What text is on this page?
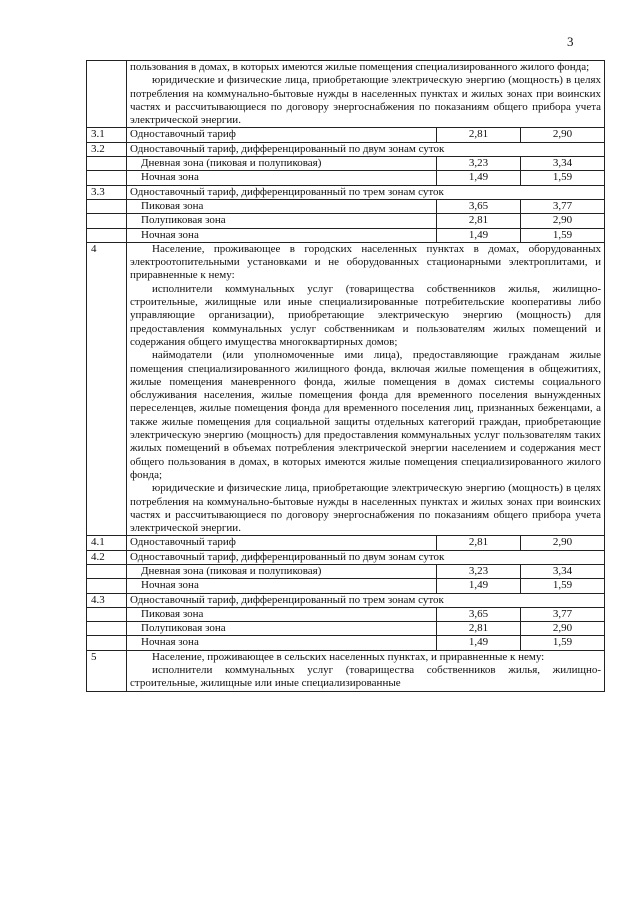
3

	пользования в домах, в которых имеются жилые помещения специализированного жилого фонда;
юридические и физические лица, приобретающие электрическую энергию (мощность) в целях потребления на коммунально-бытовые нужды в населенных пунктах и жилых зонах при воинских частях и рассчитывающиеся по договору энергоснабжения по показаниям общего прибора учета электрической энергии.		

3.1	Одноставочный тариф	2,81	2,90
3.2	Одноставочный тариф, дифференцированный по двум зонам суток		
	Дневная зона (пиковая и полупиковая)	3,23	3,34
	Ночная зона	1,49	1,59
3.3	Одноставочный тариф, дифференцированный по трем зонам суток		
	Пиковая зона	3,65	3,77
	Полупиковая зона	2,81	2,90
	Ночная зона	1,49	1,59
4	Население, проживающее в городских населенных пунктах в домах, оборудованных электроотопительными установками и не оборудованных стационарными электроплитами, и приравненные к нему:
исполнители коммунальных услуг (товарищества собственников жилья, жилищно-строительные, жилищные или иные специализированные потребительские кооперативы либо управляющие организации), приобретающие электрическую энергию (мощность) для предоставления коммунальных услуг собственникам и пользователям жилых помещений и содержания общего имущества многоквартирных домов;
наймодатели (или уполномоченные ими лица), предоставляющие гражданам жилые помещения специализированного жилищного фонда, включая жилые помещения в общежитиях, жилые помещения маневренного фонда, жилые помещения в домах системы социального обслуживания населения, жилые помещения фонда для временного поселения вынужденных переселенцев, жилые помещения фонда для временного поселения лиц, признанных беженцами, а также жилые помещения для социальной защиты отдельных категорий граждан, приобретающие электрическую энергию (мощность) для предоставления коммунальных услуг пользователям таких жилых помещений в объемах потребления электрической энергии населением и содержания мест общего пользования в домах, в которых имеются жилые помещения специализированного жилого фонда;
юридические и физические лица, приобретающие электрическую энергию (мощность) в целях потребления на коммунально-бытовые нужды в населенных пунктах и жилых зонах при воинских частях и рассчитывающиеся по договору энергоснабжения по показаниям общего прибора учета электрической энергии.		

4.1	Одноставочный тариф	2,81	2,90
4.2	Одноставочный тариф, дифференцированный по двум зонам суток		
	Дневная зона (пиковая и полупиковая)	3,23	3,34
	Ночная зона	1,49	1,59
4.3	Одноставочный тариф, дифференцированный по трем зонам суток		
	Пиковая зона	3,65	3,77
	Полупиковая зона	2,81	2,90
	Ночная зона	1,49	1,59
5	Население, проживающее в сельских населенных пунктах, и приравненные к нему:
исполнители коммунальных услуг (товарищества собственников жилья, жилищно-строительные, жилищные или иные специализированные		
